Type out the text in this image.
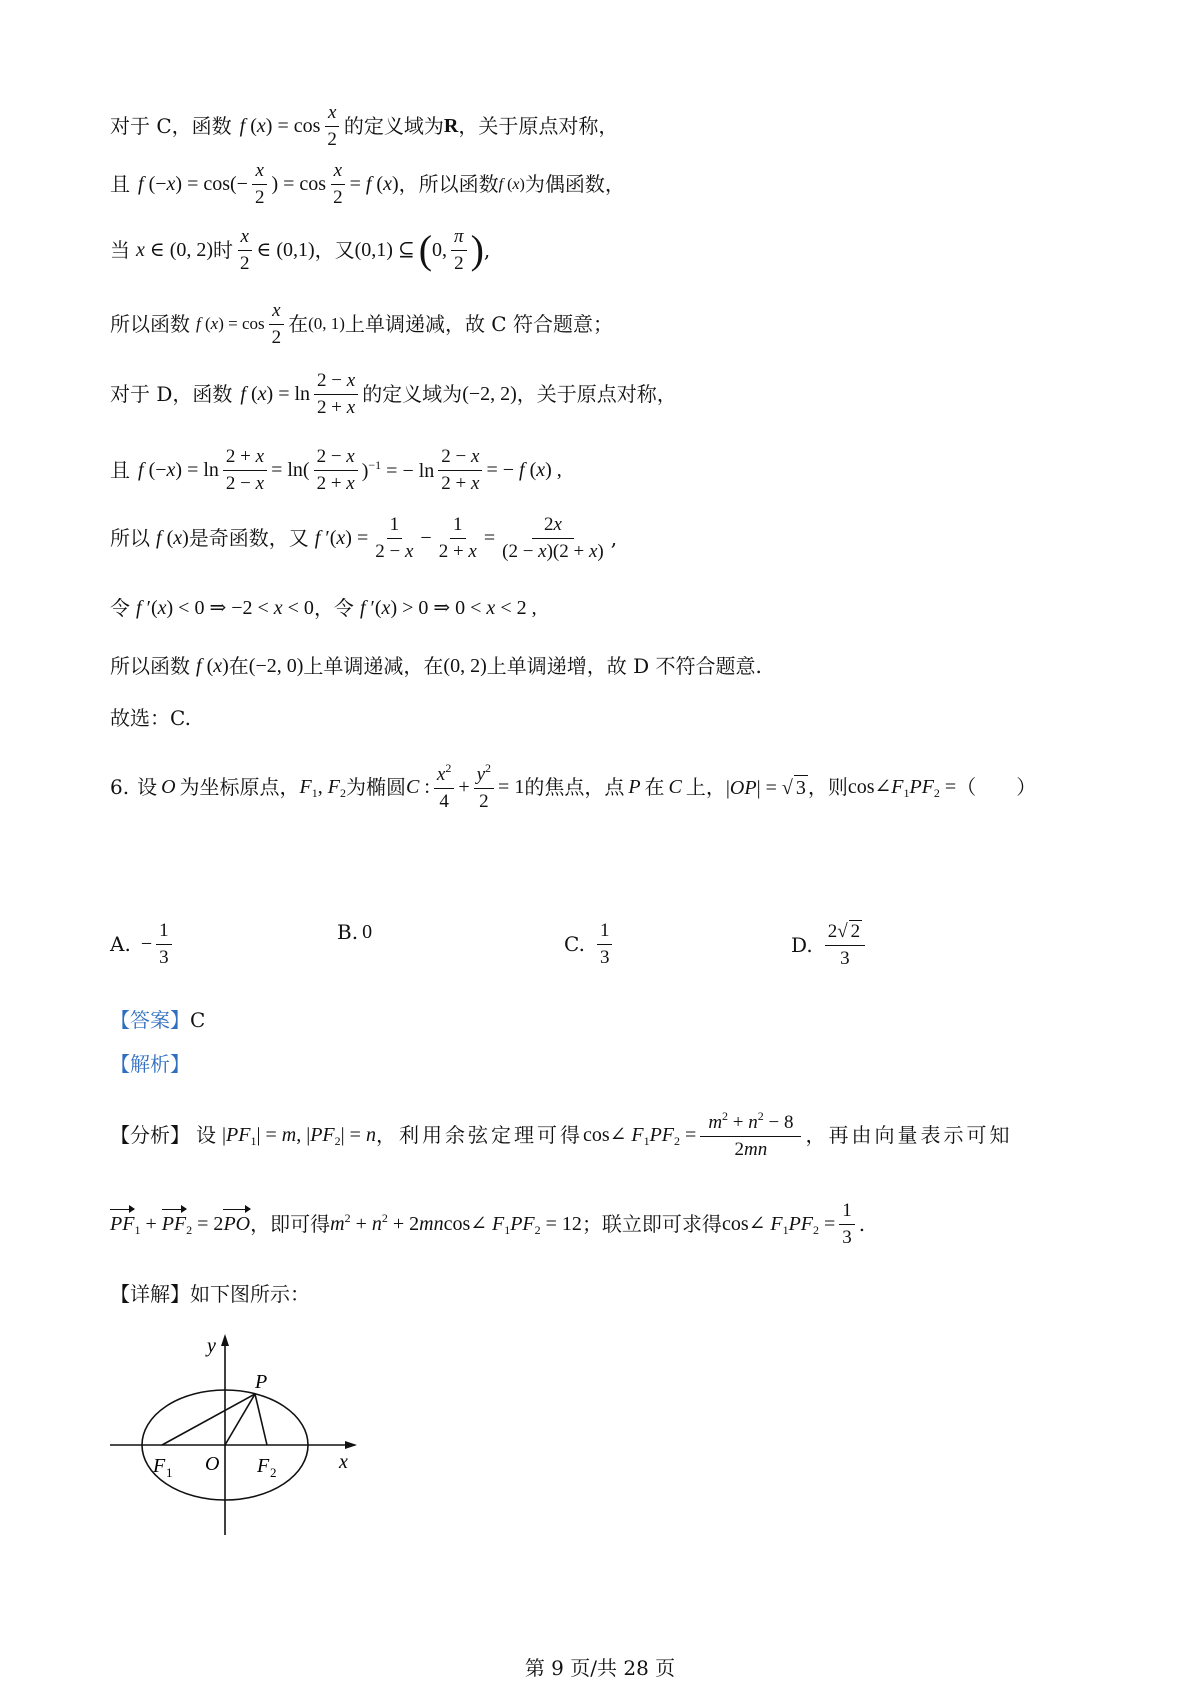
对于 C，函数 f $(x) = \cos \frac{x}{2}$ 的定义域为 R ，关于原点对称，
且 f $(-x) = \cos(- \frac{x}{2}$ ) = $\cos \frac{x}{2} = f$ (x) ，所以函数 f (x) 为偶函数，
当 x ∈ (0, 2) 时 $\frac{x}{2}$ ∈ (0,1) ，又 (0,1) ⊆ ( 0, $\frac{\pi}{2}$ ) ,
所以函数 f $(x) = \cos \frac{x}{2}$ 在 (0, 1) 上单调递减，故 C 符合题意；
对于 D，函数 f $(x) = \ln \frac{2 - x}{2 + x}$ 的定义域为 (−2, 2) ，关于原点对称，
且 f $(-x) = \ln \frac{2 + x}{2 - x} = \ln( \frac{2 - x}{2 + x} )^{-1}$ = − $\ln \frac{2 - x}{2 + x}$ = − f (x) ,
所以 f (x) 是奇函数，又 f $'(x) = \frac{1}{2 - x} - \frac{1}{2 + x} = \frac{2x}{(2 - x)(2 + x)}$ ,
令 f ′(x) < 0 ⇒ −2 < x < 0 ，令 f ′(x) > 0 ⇒ 0 < x < 2 ,
所以函数 f (x) 在 (−2, 0) 上单调递减，在 (0, 2) 上单调递增，故 D 不符合题意.
故选：C.
6. 设 O 为坐标原点， $F_1$, $F_2$ 为椭圆 C : $\frac{x^2}{4} + \frac{y^2}{2} = 1$ 的焦点，点 P 在 C 上， |OP| = √ 3 ，则 $\cos\angle F_1PF_2$ = （　　）
A. − $\frac{1}{3}$	B. 0
C. $\frac{1}{3}$	D. $\frac{2√ 2}{3}$
【答案】 C
【解析】
【分析】 设 $|PF_1| = m$, $|PF_2| = n$ ，利用余弦定理可得 cos∠ $F_1PF_2 = \frac{m^2 + n^2 - 8}{2mn}$ ，再由向量表示可知
$PF_1 + PF_2 = 2PO$ ，即可得 $m^2 + n^2$ + 2mncos∠ $F_1PF_2 = 12$ ；联立即可求得 cos∠ $F_1PF_2 = \frac{1}{3}$ .
【详解】 如下图所示：
y
x
P
O
F 1	F 2
第 9 页/共 28 页
